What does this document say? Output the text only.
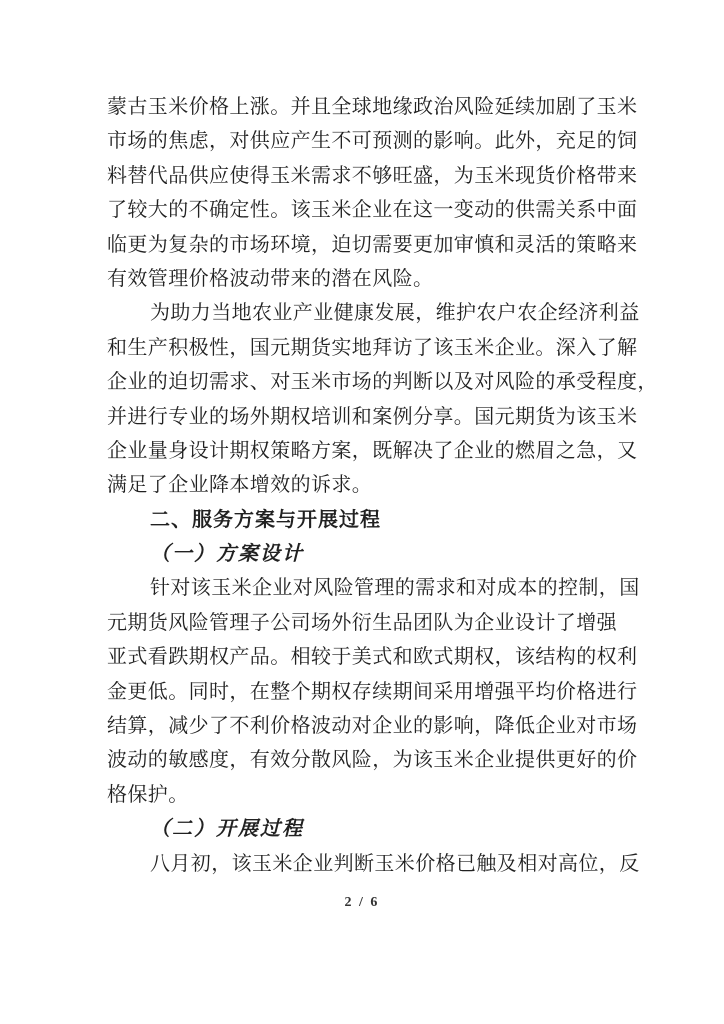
蒙古玉米价格上涨。并且全球地缘政治风险延续加剧了玉米
市场的焦虑，对供应产生不可预测的影响。此外，充足的饲
料替代品供应使得玉米需求不够旺盛，为玉米现货价格带来
了较大的不确定性。该玉米企业在这一变动的供需关系中面
临更为复杂的市场环境，迫切需要更加审慎和灵活的策略来
有效管理价格波动带来的潜在风险。
为助力当地农业产业健康发展，维护农户农企经济利益
和生产积极性，国元期货实地拜访了该玉米企业。深入了解
企业的迫切需求、对玉米市场的判断以及对风险的承受程度，
并进行专业的场外期权培训和案例分享。国元期货为该玉米
企业量身设计期权策略方案，既解决了企业的燃眉之急，又
满足了企业降本增效的诉求。
二、服务方案与开展过程
（一）方案设计
针对该玉米企业对风险管理的需求和对成本的控制，国
元期货风险管理子公司场外衍生品团队为企业设计了增强
亚式看跌期权产品。相较于美式和欧式期权，该结构的权利
金更低。同时，在整个期权存续期间采用增强平均价格进行
结算，减少了不利价格波动对企业的影响，降低企业对市场
波动的敏感度，有效分散风险，为该玉米企业提供更好的价
格保护。
（二）开展过程
八月初，该玉米企业判断玉米价格已触及相对高位，反
2 / 6
